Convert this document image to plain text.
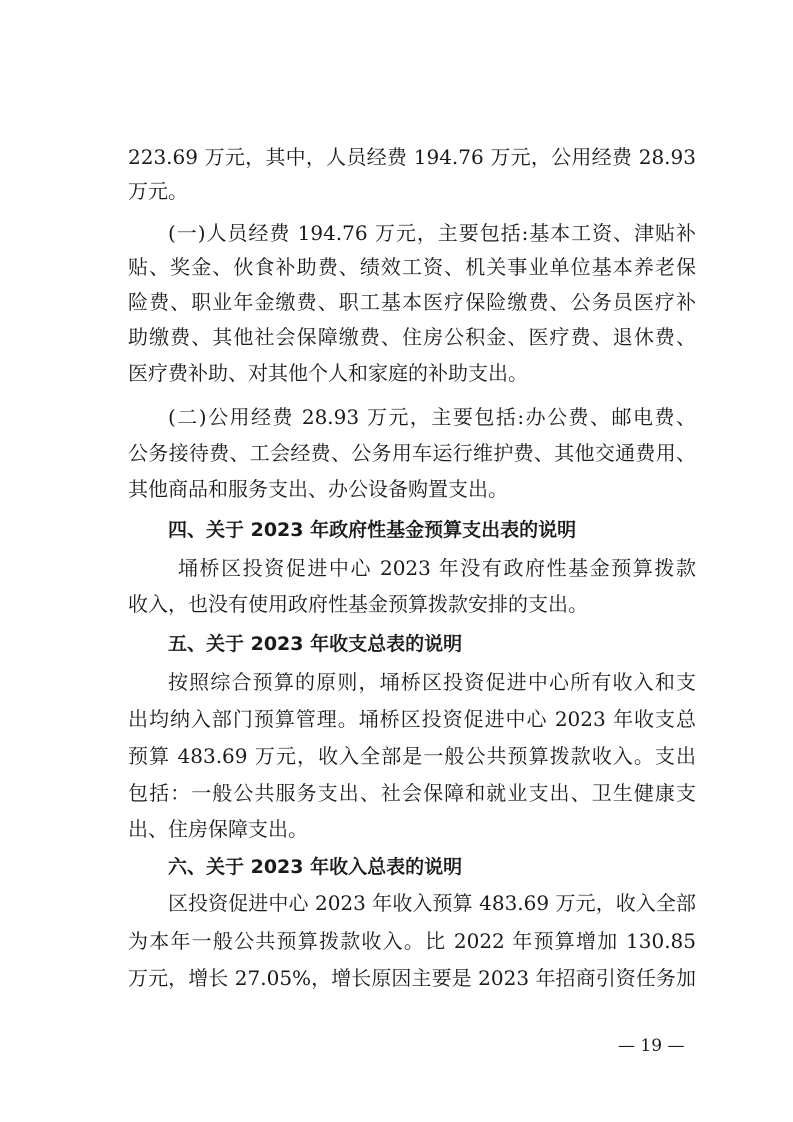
223.69 万元，其中，人员经费 194.76 万元，公用经费 28.93
万元。
(一)人员经费 194.76 万元，主要包括:基本工资、津贴补
贴、奖金、伙食补助费、绩效工资、机关事业单位基本养老保
险费、职业年金缴费、职工基本医疗保险缴费、公务员医疗补
助缴费、其他社会保障缴费、住房公积金、医疗费、退休费、
医疗费补助、对其他个人和家庭的补助支出。
(二)公用经费 28.93 万元，主要包括:办公费、邮电费、
公务接待费、工会经费、公务用车运行维护费、其他交通费用、
其他商品和服务支出、办公设备购置支出。
四、关于 2023 年政府性基金预算支出表的说明
埇桥区投资促进中心 2023 年没有政府性基金预算拨款
收入，也没有使用政府性基金预算拨款安排的支出。
五、关于 2023 年收支总表的说明
按照综合预算的原则，埇桥区投资促进中心所有收入和支
出均纳入部门预算管理。埇桥区投资促进中心 2023 年收支总
预算 483.69 万元，收入全部是一般公共预算拨款收入。支出
包括：一般公共服务支出、社会保障和就业支出、卫生健康支
出、住房保障支出。
六、关于 2023 年收入总表的说明
区投资促进中心 2023 年收入预算 483.69 万元，收入全部
为本年一般公共预算拨款收入。比 2022 年预算增加 130.85
万元，增长 27.05%，增长原因主要是 2023 年招商引资任务加
— 19 —
